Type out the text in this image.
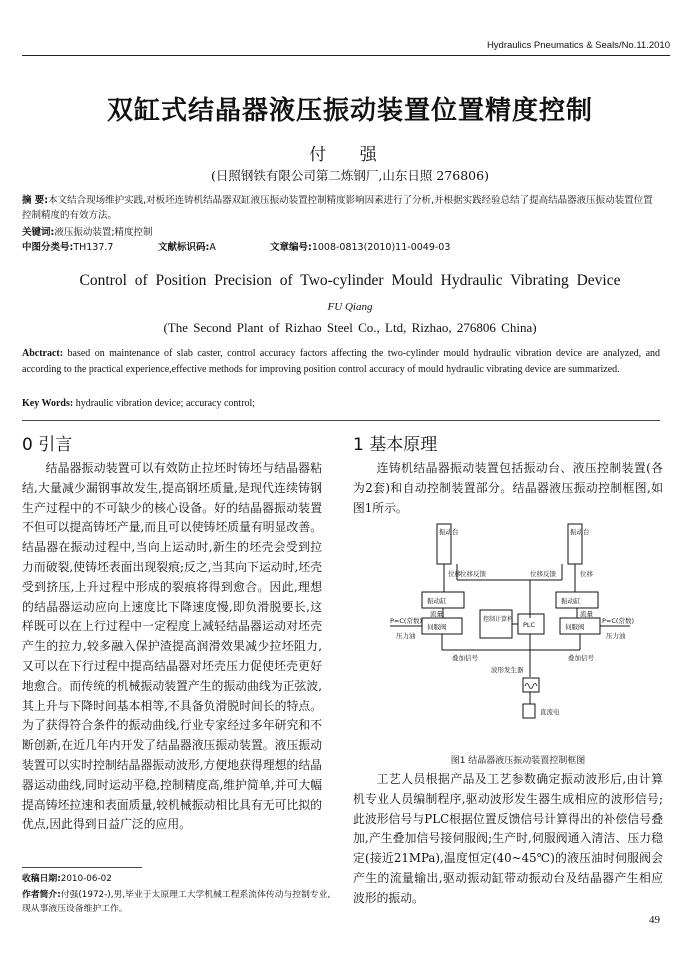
Hydraulics Pneumatics & Seals/No.11.2010
双缸式结晶器液压振动装置位置精度控制
付 强
(日照钢铁有限公司第二炼钢厂,山东日照 276806)
摘 要:本文结合现场维护实践,对板坯连铸机结晶器双缸液压振动装置控制精度影响因素进行了分析,并根据实践经验总结了提高结晶器液压振动装置位置控制精度的有效方法。
关键词:液压振动装置;精度控制
中图分类号:TH137.7	文献标识码:A	文章编号:1008-0813(2010)11-0049-03
Control of Position Precision of Two-cylinder Mould Hydraulic Vibrating Device
FU Qiang
(The Second Plant of Rizhao Steel Co., Ltd, Rizhao, 276806 China)
Abctract: based on maintenance of slab caster, control accuracy factors affecting the two-cylinder mould hydraulic vibration device are analyzed, and according to the practical experience,effective methods for improving position control accuracy of mould hydraulic vibrating device are summarized.
Key Words: hydraulic vibration device; accuracy control;
0 引言
结晶器振动装置可以有效防止拉坯时铸坯与结晶器粘结,大量减少漏钢事故发生,提高钢坯质量,是现代连续铸钢生产过程中的不可缺少的核心设备。好的结晶器振动装置不但可以提高铸坯产量,而且可以使铸坯质量有明显改善。结晶器在振动过程中,当向上运动时,新生的坯壳会受到拉力而破裂,使铸坯表面出现裂痕;反之,当其向下运动时,坯壳受到挤压,上升过程中形成的裂痕将得到愈合。因此,理想的结晶器运动应向上速度比下降速度慢,即负滑脱要长,这样既可以在上行过程中一定程度上减轻结晶器运动对坯壳产生的拉力,较多融入保护渣提高润滑效果减少拉坯阻力,又可以在下行过程中提高结晶器对坯壳压力促使坯壳更好地愈合。而传统的机械振动装置产生的振动曲线为正弦波,其上升与下降时间基本相等,不具备负滑脱时间长的特点。为了获得符合条件的振动曲线,行业专家经过多年研究和不断创新,在近几年内开发了结晶器液压振动装置。液压振动装置可以实时控制结晶器振动波形,方便地获得理想的结晶器运动曲线,同时运动平稳,控制精度高,维护简单,并可大幅提高铸坯拉速和表面质量,较机械振动相比具有无可比拟的优点,因此得到日益广泛的应用。
1 基本原理
连铸机结晶器振动装置包括振动台、液压控制装置(各为2套)和自动控制装置部分。结晶器液压振动控制框图,如图1所示。
振动台	振动台
位移 位移反馈	位移反馈	位移
振动缸	振动缸
流量	流量
伺服阀	伺服阀
P=C(常数)	P=C(常数)
压力油	压力油
控制计算机
PLC
叠加信号	叠加信号
波形发生器
直流电
图1 结晶器液压振动装置控制框图
工艺人员根据产品及工艺参数确定振动波形后,由计算机专业人员编制程序,驱动波形发生器生成相应的波形信号;此波形信号与PLC根据位置反馈信号计算得出的补偿信号叠加,产生叠加信号接伺服阀;生产时,伺服阀通入清洁、压力稳定(接近21MPa),温度恒定(40~45℃)的液压油时伺服阀会产生的流量输出,驱动振动缸带动振动台及结晶器产生相应波形的振动。
收稿日期:2010-06-02
作者简介:付强(1972-),男,毕业于太原理工大学机械工程系流体传动与控制专业,现从事液压设备维护工作。
49
